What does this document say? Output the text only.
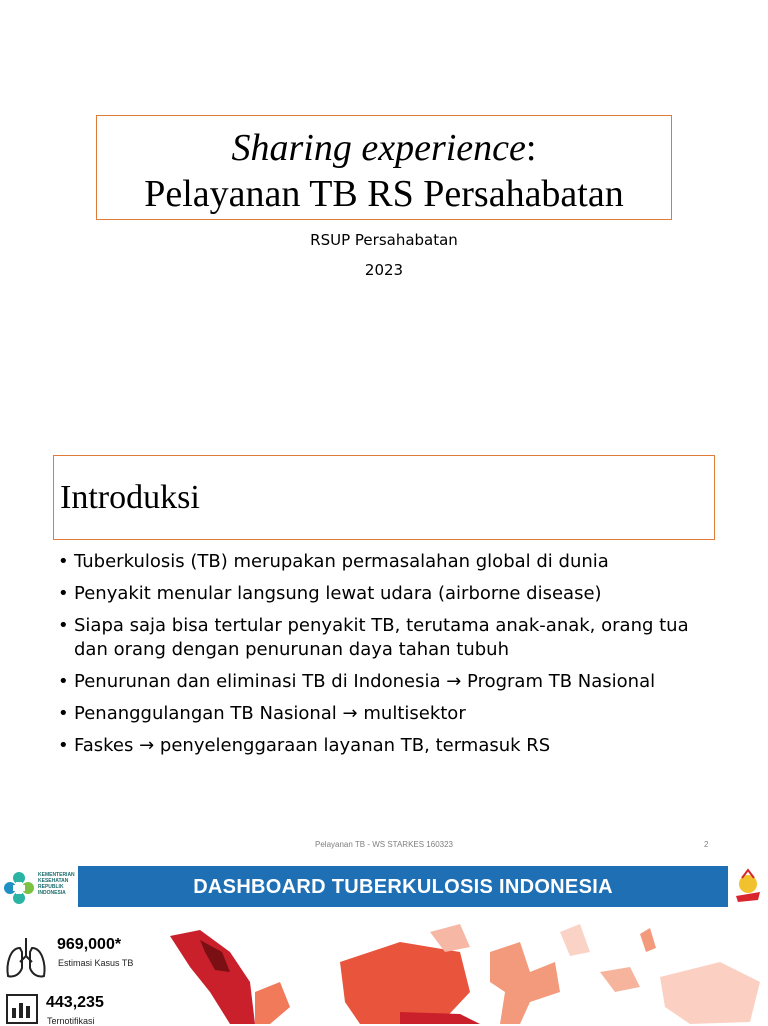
Sharing experience:
Pelayanan TB RS Persahabatan
RSUP Persahabatan
2023
Introduksi
• Tuberkulosis (TB) merupakan permasalahan global di dunia
• Penyakit menular langsung lewat udara (airborne disease)
• Siapa saja bisa tertular penyakit TB, terutama anak-anak, orang tua
dan orang dengan penurunan daya tahan tubuh
• Penurunan dan eliminasi TB di Indonesia → Program TB Nasional
• Penanggulangan TB Nasional → multisektor
• Faskes → penyelenggaraan layanan TB, termasuk RS
Pelayanan TB - WS STARKES 160323	2
KEMENTERIAN
KESEHATAN
REPUBLIK
INDONESIA	DASHBOARD TUBERKULOSIS INDONESIA
969,000*
Estimasi Kasus TB
443,235
Ternotifikasi
